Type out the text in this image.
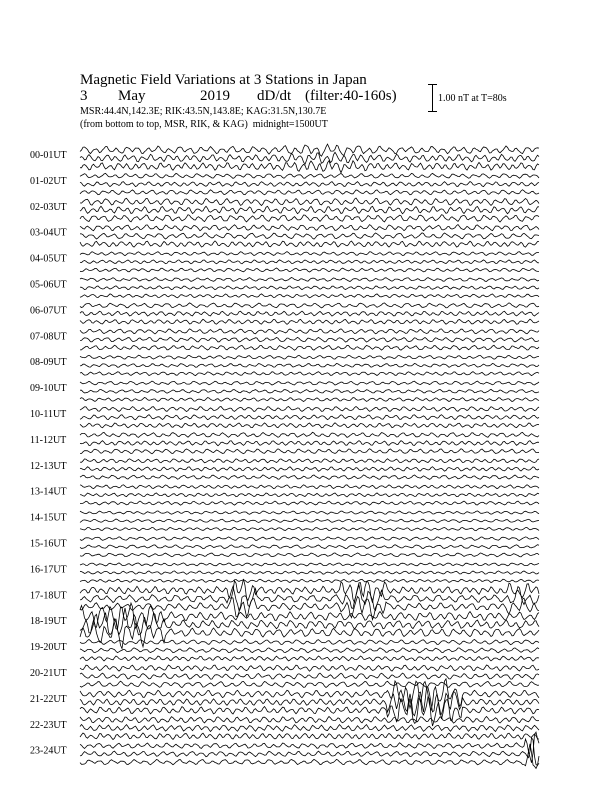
00-01UT
01-02UT
02-03UT
03-04UT
04-05UT
05-06UT
06-07UT
07-08UT
08-09UT
09-10UT
10-11UT
11-12UT
12-13UT
13-14UT
14-15UT
15-16UT
16-17UT
17-18UT
18-19UT
19-20UT
20-21UT
21-22UT
22-23UT
23-24UT
Magnetic Field Variations at 3 Stations in Japan
3 May	2019 dD/dt (filter:40-160s)
MSR:44.4N,142.3E; RIK:43.5N,143.8E; KAG:31.5N,130.7E
(from bottom to top, MSR, RIK, & KAG) midnight=1500UT
1.00 nT at T=80s
